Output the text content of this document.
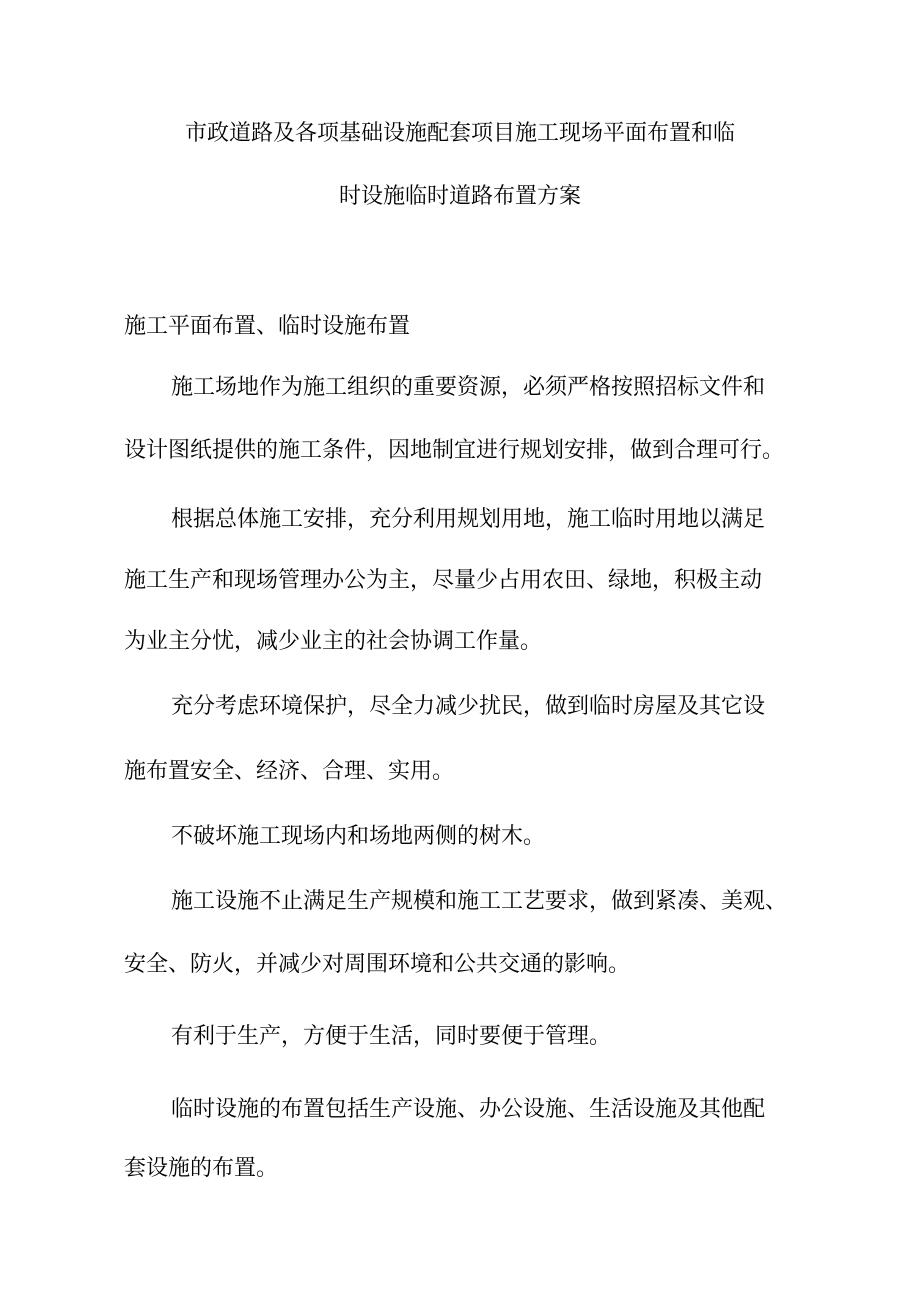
市政道路及各项基础设施配套项目施工现场平面布置和临
时设施临时道路布置方案
施工平面布置、临时设施布置
施工场地作为施工组织的重要资源，必须严格按照招标文件和
设计图纸提供的施工条件，因地制宜进行规划安排，做到合理可行。
根据总体施工安排，充分利用规划用地，施工临时用地以满足
施工生产和现场管理办公为主，尽量少占用农田、绿地，积极主动
为业主分忧，减少业主的社会协调工作量。
充分考虑环境保护，尽全力减少扰民，做到临时房屋及其它设
施布置安全、经济、合理、实用。
不破坏施工现场内和场地两侧的树木。
施工设施不止满足生产规模和施工工艺要求，做到紧凑、美观、
安全、防火，并减少对周围环境和公共交通的影响。
有利于生产，方便于生活，同时要便于管理。
临时设施的布置包括生产设施、办公设施、生活设施及其他配
套设施的布置。
